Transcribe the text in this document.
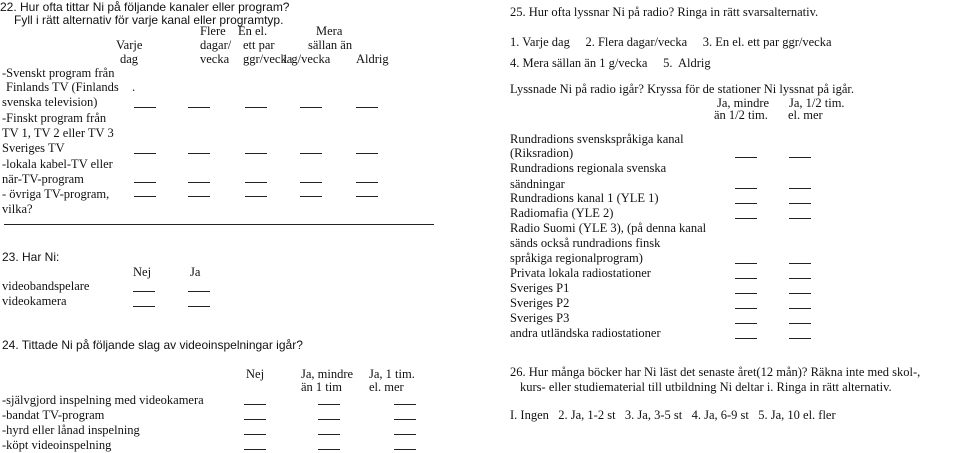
22. Hur ofta tittar Ni på följande kanaler eller program?
Fyll i rätt alternativ för varje kanal eller programtyp.
Varje
dag
Flere
dagar/
vecka
En el.
ett par
ggr/vecka
Mera
sällan än
1 g/vecka Aldrig
-Svenskt program från
Finlands TV (Finlands .
svenska television)
-Finskt program från
TV 1, TV 2 eller TV 3
Sveriges TV
-lokala kabel-TV eller
när-TV-program
- övriga TV-program,
vilka?
23. Har Ni:
Nej	Ja
videobandspelare
videokamera
24. Tittade Ni på följande slag av videoinspelningar igår?
Nej	Ja, mindre
än 1 tim
Ja, 1 tim.
el. mer
-självgjord inspelning med videokamera
-bandat TV-program
-hyrd eller lånad inspelning
-köpt videoinspelning
25. Hur ofta lyssnar Ni på radio? Ringa in rätt svarsalternativ.
1. Varje dag     2. Flera dagar/vecka     3. En el. ett par ggr/vecka
4. Mera sällan än 1 g/vecka     5.  Aldrig
Lyssnade Ni på radio igår? Kryssa för de stationer Ni lyssnat på igår.
Ja, mindre
än 1/2 tim.
Ja, 1/2 tim.
el. mer
Rundradions svenskspråkiga kanal
(Riksradion)
Rundradions regionala svenska
sändningar
Rundradions kanal 1 (YLE 1)
Radiomafia (YLE 2)
Radio Suomi (YLE 3), (på denna kanal
sänds också rundradions finsk
språkiga regionalprogram)
Privata lokala radiostationer
Sveriges P1
Sveriges P2
Sveriges P3
andra utländska radiostationer
26. Hur många böcker har Ni läst det senaste året(12 mån)? Räkna inte med skol-,
kurs- eller studiematerial till utbildning Ni deltar i. Ringa in rätt alternativ.
I. Ingen   2. Ja, 1-2 st   3. Ja, 3-5 st   4. Ja, 6-9 st   5. Ja, 10 el. fler
